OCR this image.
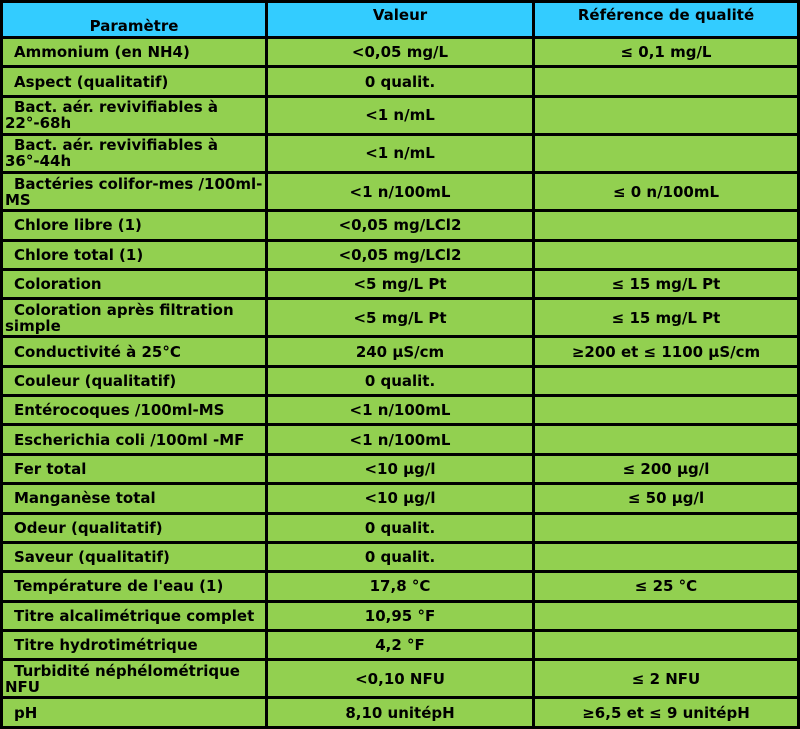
Paramètre	Valeur	Référence de qualité

Ammonium (en NH4)	<0,05 mg/L	≤ 0,1 mg/L

Aspect (qualitatif)	0 qualit.	

Bact. aér. revivifiables à 22°-68h	<1 n/mL	

Bact. aér. revivifiables à 36°-44h	<1 n/mL	

Bactéries colifor-mes /100ml-MS	<1 n/100mL	≤ 0 n/100mL

Chlore libre (1)	<0,05 mg/LCl2	

Chlore total (1)	<0,05 mg/LCl2	

Coloration	<5 mg/L Pt	≤ 15 mg/L Pt

Coloration après filtration simple	<5 mg/L Pt	≤ 15 mg/L Pt

Conductivité à 25°C	240 µS/cm	≥200 et ≤ 1100 µS/cm

Couleur (qualitatif)	0 qualit.	

Entérocoques /100ml-MS	<1 n/100mL	

Escherichia coli /100ml -MF	<1 n/100mL	

Fer total	<10 µg/l	≤ 200 µg/l

Manganèse total	<10 µg/l	≤ 50 µg/l

Odeur (qualitatif)	0 qualit.	

Saveur (qualitatif)	0 qualit.	

Température de l'eau (1)	17,8 °C	≤ 25 °C

Titre alcalimétrique complet	10,95 °F	

Titre hydrotimétrique	4,2 °F	

Turbidité néphélométrique NFU	<0,10 NFU	≤ 2 NFU

pH	8,10 unitépH	≥6,5 et ≤ 9 unitépH
